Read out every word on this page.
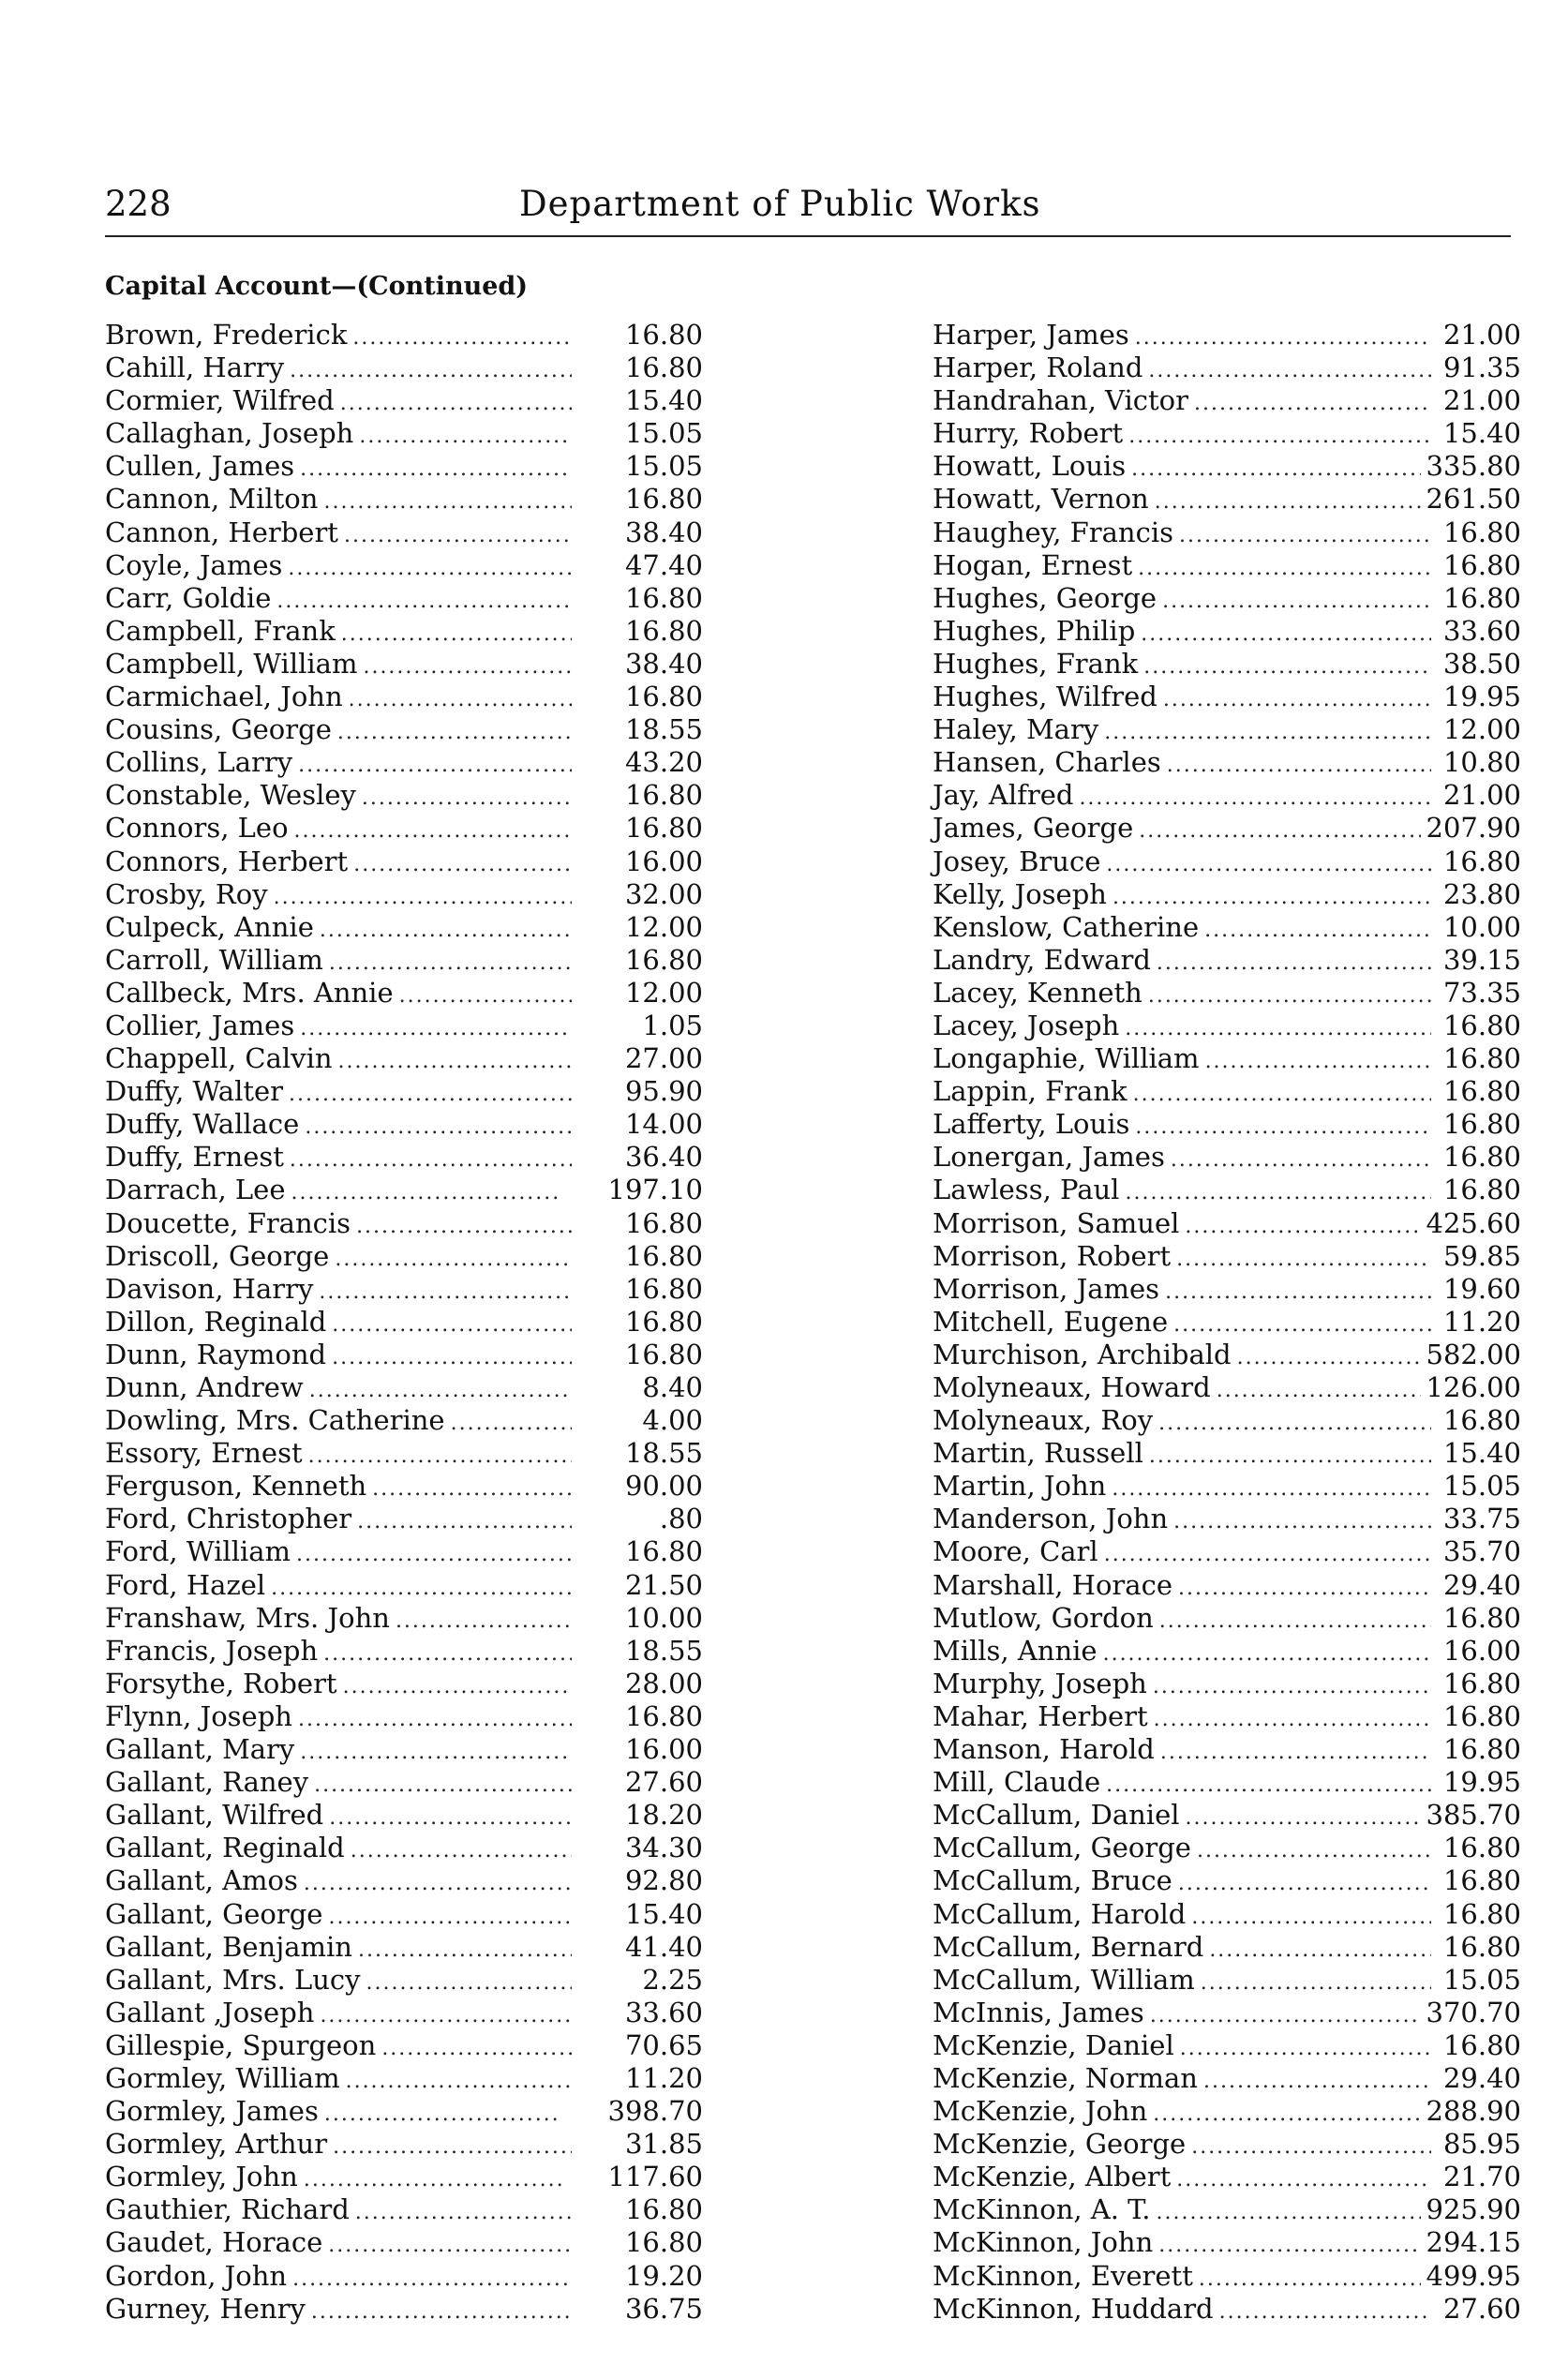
228	Department of Public Works
Capital Account—(Continued)
Brown, Frederick .....	16.80
Cahill, Harry .....	16.80
Cormier, Wilfred .....	15.40
Callaghan, Joseph .....	15.05
Cullen, James .....	15.05
Cannon, Milton .....	16.80
Cannon, Herbert .....	38.40
Coyle, James .....	47.40
Carr, Goldie .....	16.80
Campbell, Frank .....	16.80
Campbell, William .....	38.40
Carmichael, John .....	16.80
Cousins, George .....	18.55
Collins, Larry .....	43.20
Constable, Wesley .....	16.80
Connors, Leo .....	16.80
Connors, Herbert .....	16.00
Crosby, Roy .....	32.00
Culpeck, Annie .....	12.00
Carroll, William .....	16.80
Callbeck, Mrs. Annie .....	12.00
Collier, James .....	1.05
Chappell, Calvin .....	27.00
Duffy, Walter .....	95.90
Duffy, Wallace .....	14.00
Duffy, Ernest .....	36.40
Darrach, Lee .....	197.10
Doucette, Francis .....	16.80
Driscoll, George .....	16.80
Davison, Harry .....	16.80
Dillon, Reginald .....	16.80
Dunn, Raymond .....	16.80
Dunn, Andrew .....	8.40
Dowling, Mrs. Catherine .....	4.00
Essory, Ernest .....	18.55
Ferguson, Kenneth .....	90.00
Ford, Christopher .....	.80
Ford, William .....	16.80
Ford, Hazel .....	21.50
Franshaw, Mrs. John .....	10.00
Francis, Joseph .....	18.55
Forsythe, Robert .....	28.00
Flynn, Joseph .....	16.80
Gallant, Mary .....	16.00
Gallant, Raney .....	27.60
Gallant, Wilfred .....	18.20
Gallant, Reginald .....	34.30
Gallant, Amos .....	92.80
Gallant, George .....	15.40
Gallant, Benjamin .....	41.40
Gallant, Mrs. Lucy .....	2.25
Gallant ,Joseph .....	33.60
Gillespie, Spurgeon .....	70.65
Gormley, William .....	11.20
Gormley, James .....	398.70
Gormley, Arthur .....	31.85
Gormley, John .....	117.60
Gauthier, Richard .....	16.80
Gaudet, Horace .....	16.80
Gordon, John .....	19.20
Gurney, Henry .....	36.75
Harper, James .....	21.00
Harper, Roland .....	91.35
Handrahan, Victor .....	21.00
Hurry, Robert .....	15.40
Howatt, Louis .....	335.80
Howatt, Vernon .....	261.50
Haughey, Francis .....	16.80
Hogan, Ernest .....	16.80
Hughes, George .....	16.80
Hughes, Philip .....	33.60
Hughes, Frank .....	38.50
Hughes, Wilfred .....	19.95
Haley, Mary .....	12.00
Hansen, Charles .....	10.80
Jay, Alfred .....	21.00
James, George .....	207.90
Josey, Bruce .....	16.80
Kelly, Joseph .....	23.80
Kenslow, Catherine .....	10.00
Landry, Edward .....	39.15
Lacey, Kenneth .....	73.35
Lacey, Joseph .....	16.80
Longaphie, William .....	16.80
Lappin, Frank .....	16.80
Lafferty, Louis .....	16.80
Lonergan, James .....	16.80
Lawless, Paul .....	16.80
Morrison, Samuel .....	425.60
Morrison, Robert .....	59.85
Morrison, James .....	19.60
Mitchell, Eugene .....	11.20
Murchison, Archibald .....	582.00
Molyneaux, Howard .....	126.00
Molyneaux, Roy .....	16.80
Martin, Russell .....	15.40
Martin, John .....	15.05
Manderson, John .....	33.75
Moore, Carl .....	35.70
Marshall, Horace .....	29.40
Mutlow, Gordon .....	16.80
Mills, Annie .....	16.00
Murphy, Joseph .....	16.80
Mahar, Herbert .....	16.80
Manson, Harold .....	16.80
Mill, Claude .....	19.95
McCallum, Daniel .....	385.70
McCallum, George .....	16.80
McCallum, Bruce .....	16.80
McCallum, Harold .....	16.80
McCallum, Bernard .....	16.80
McCallum, William .....	15.05
McInnis, James .....	370.70
McKenzie, Daniel .....	16.80
McKenzie, Norman .....	29.40
McKenzie, John .....	288.90
McKenzie, George .....	85.95
McKenzie, Albert .....	21.70
McKinnon, A. T. .....	925.90
McKinnon, John .....	294.15
McKinnon, Everett .....	499.95
McKinnon, Huddard .....	27.60
